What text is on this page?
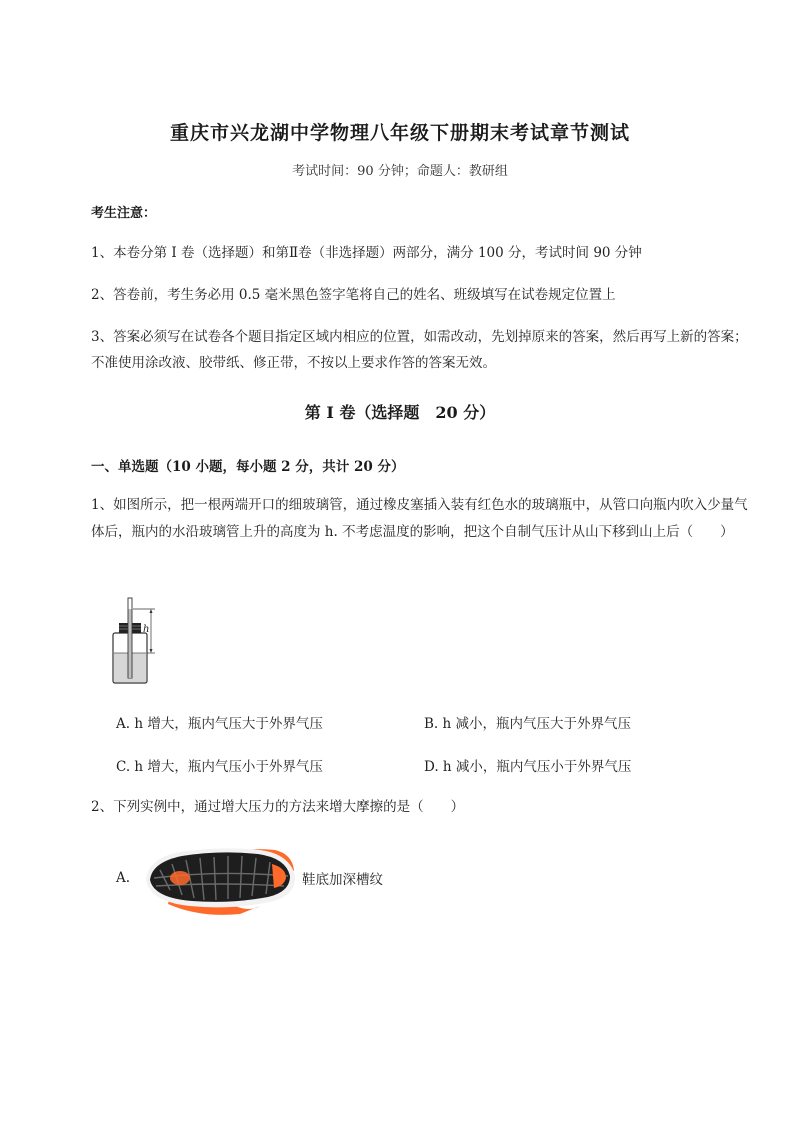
重庆市兴龙湖中学物理八年级下册期末考试章节测试
考试时间：90 分钟；命题人：教研组
考生注意：
1、本卷分第 I 卷（选择题）和第Ⅱ卷（非选择题）两部分，满分 100 分，考试时间 90 分钟
2、答卷前，考生务必用 0.5 毫米黑色签字笔将自己的姓名、班级填写在试卷规定位置上
3、答案必须写在试卷各个题目指定区域内相应的位置，如需改动，先划掉原来的答案，然后再写上新的答案；不准使用涂改液、胶带纸、修正带，不按以上要求作答的答案无效。
第 I 卷（选择题　20 分）
一、单选题（10 小题，每小题 2 分，共计 20 分）
1、如图所示，把一根两端开口的细玻璃管，通过橡皮塞插入装有红色水的玻璃瓶中，从管口向瓶内吹入少量气体后，瓶内的水沿玻璃管上升的高度为 h. 不考虑温度的影响，把这个自制气压计从山下移到山上后（　　）
h
A. h 增大，瓶内气压大于外界气压	B. h 减小，瓶内气压大于外界气压
C. h 增大，瓶内气压小于外界气压	D. h 减小，瓶内气压小于外界气压
2、下列实例中，通过增大压力的方法来增大摩擦的是（　　）
A.	鞋底加深槽纹
